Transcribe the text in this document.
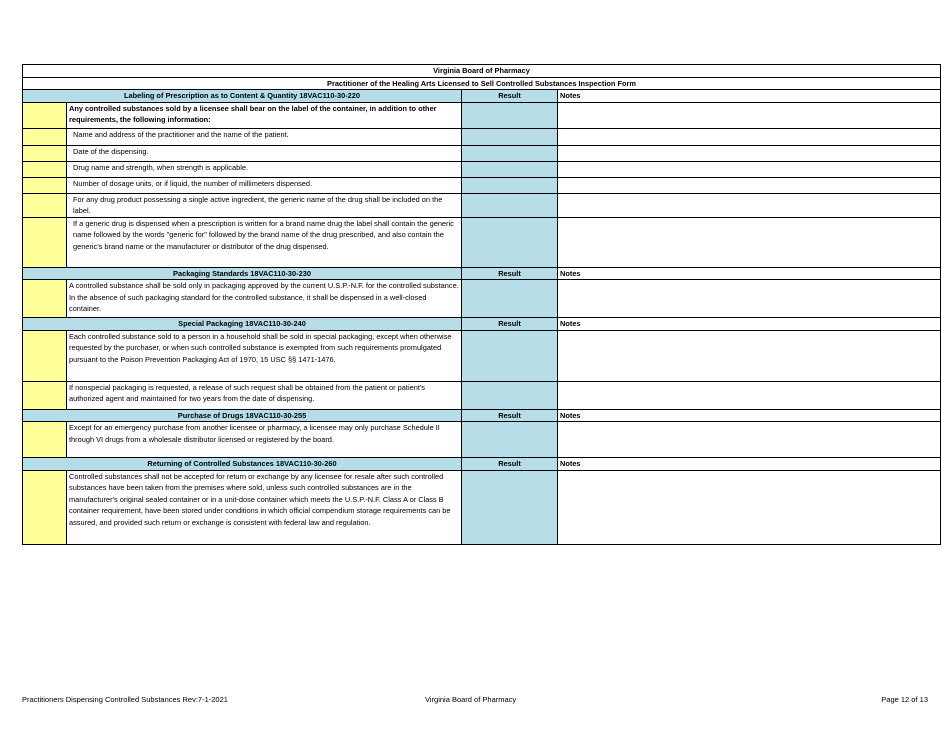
Virginia Board of Pharmacy			
Practitioner of the Healing Arts Licensed to Sell Controlled Substances Inspection Form			
Labeling of Prescription as to Content & Quantity 18VAC110-30-220		Result	Notes
	Any controlled substances sold by a licensee shall bear on the label of the container, in addition to other requirements, the following information:		
	Name and address of the practitioner and the name of the patient.		
	Date of the dispensing.		
	Drug name and strength, when strength is applicable.		
	Number of dosage units, or if liquid, the number of millimeters dispensed.		
	For any drug product possessing a single active ingredient, the generic name of the drug shall be included on the label.		
	If a generic drug is dispensed when a prescription is written for a brand name drug the label shall contain the generic name followed by the words "generic for" followed by the brand name of the drug prescribed, and also contain the generic's brand name or the manufacturer or distributor of the drug dispensed.		
Packaging Standards 18VAC110-30-230		Result	Notes
	A controlled substance shall be sold only in packaging approved by the current U.S.P.-N.F. for the controlled substance. In the absence of such packaging standard for the controlled substance, it shall be dispensed in a well-closed container.		
Special Packaging 18VAC110-30-240		Result	Notes
	Each controlled substance sold to a person in a household shall be sold in special packaging, except when otherwise requested by the purchaser, or when such controlled substance is exempted from such requirements promulgated pursuant to the Poison Prevention Packaging Act of 1970, 15 USC §§ 1471-1476.		
	If nonspecial packaging is requested, a release of such request shall be obtained from the patient or patient's authorized agent and maintained for two years from the date of dispensing.		
Purchase of Drugs 18VAC110-30-255		Result	Notes
	Except for an emergency purchase from another licensee or pharmacy, a licensee may only purchase Schedule II through VI drugs from a wholesale distributor licensed or registered by the board.		
Returning of Controlled Substances 18VAC110-30-260		Result	Notes
	Controlled substances shall not be accepted for return or exchange by any licensee for resale after such controlled substances have been taken from the premises where sold, unless such controlled substances are in the manufacturer's original sealed container or in a unit-dose container which meets the U.S.P.-N.F. Class A or Class B container requirement, have been stored under conditions in which official compendium storage requirements can be assured, and provided such return or exchange is consistent with federal law and regulation.		
Practitioners Dispensing Controlled Substances Rev:7-1-2021	Virginia Board of Pharmacy	Page 12 of 13
